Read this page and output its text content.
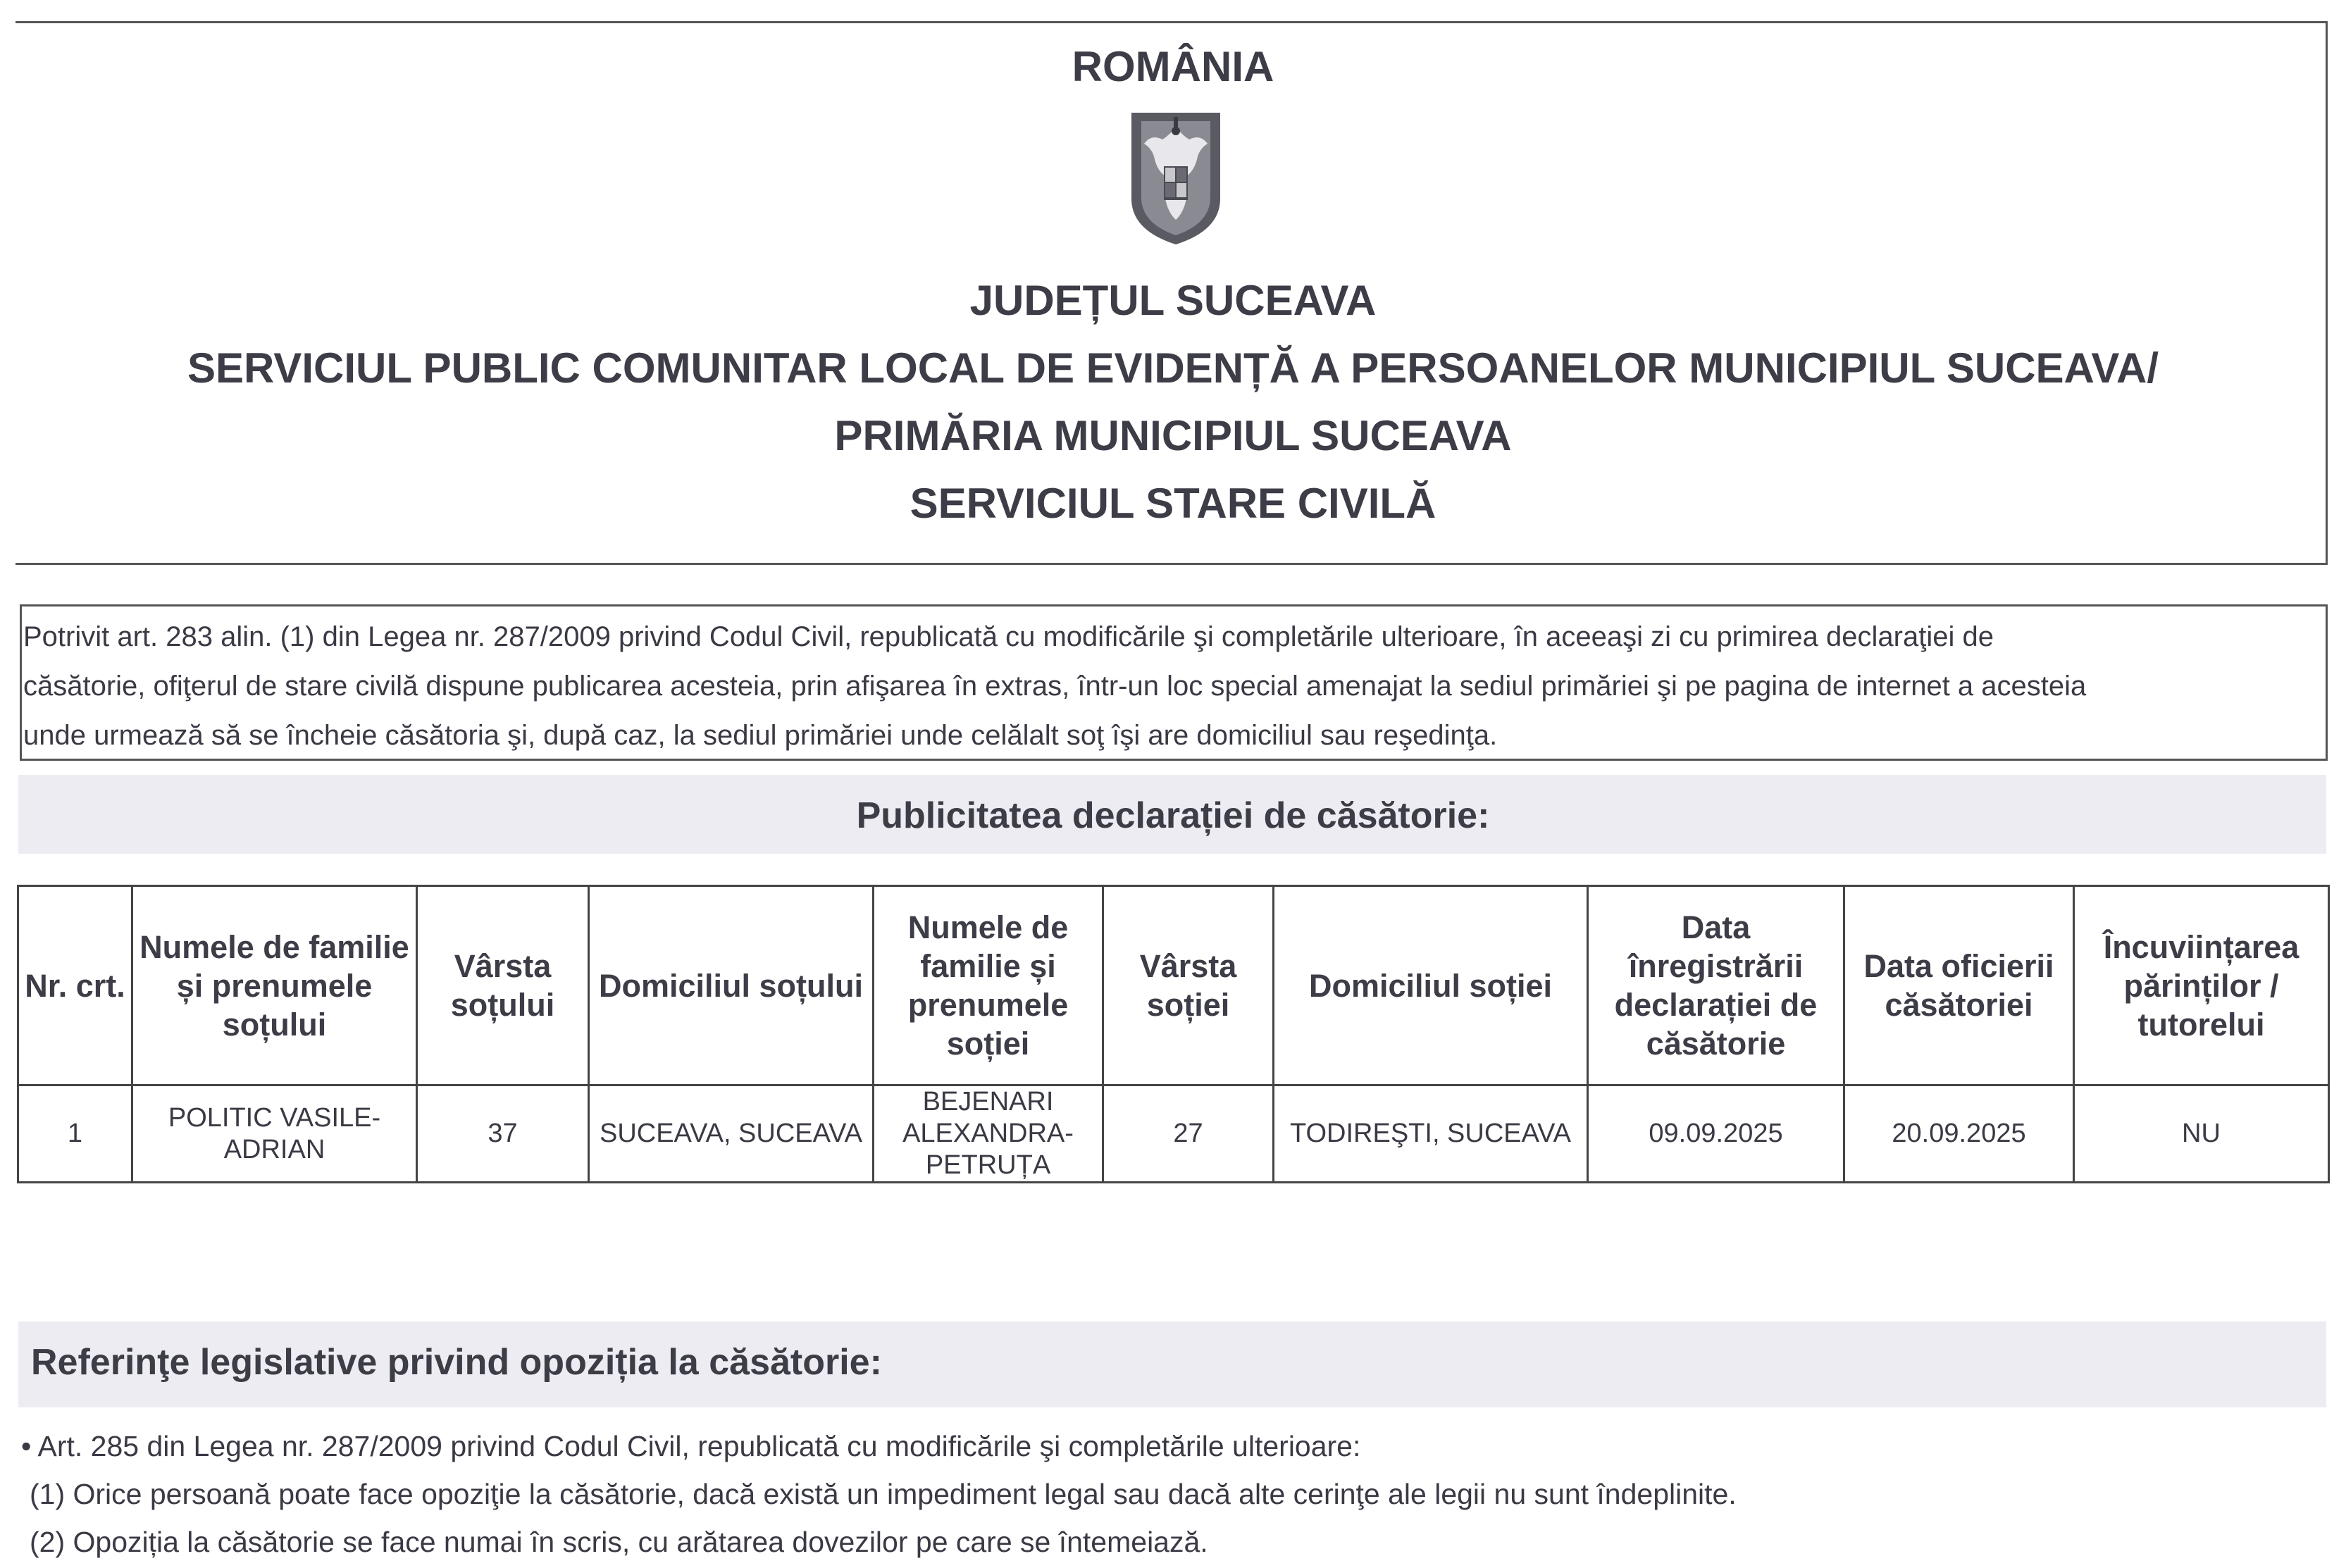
ROMÂNIA
JUDEȚUL SUCEAVA
SERVICIUL PUBLIC COMUNITAR LOCAL DE EVIDENȚĂ A PERSOANELOR MUNICIPIUL SUCEAVA/
PRIMĂRIA MUNICIPIUL SUCEAVA
SERVICIUL STARE CIVILĂ
Potrivit art. 283 alin. (1) din Legea nr. 287/2009 privind Codul Civil, republicată cu modificările şi completările ulterioare, în aceeaşi zi cu primirea declaraţiei de
căsătorie, ofiţerul de stare civilă dispune publicarea acesteia, prin afişarea în extras, într-un loc special amenajat la sediul primăriei şi pe pagina de internet a acesteia
unde urmează să se încheie căsătoria şi, după caz, la sediul primăriei unde celălalt soţ îşi are domiciliul sau reşedinţa.
Publicitatea declarației de căsătorie:
Nr. crt.	Numele de familie și prenumele soțului	Vârsta soțului	Domiciliul soțului	Numele de familie și prenumele soției	Vârsta soției	Domiciliul soției	Data înregistrării declarației de căsătorie	Data oficierii căsătoriei	Încuviințarea părinților / tutorelui
1	POLITIC VASILE-ADRIAN	37	SUCEAVA, SUCEAVA	BEJENARI ALEXANDRA-PETRUȚA	27	TODIREŞTI, SUCEAVA	09.09.2025	20.09.2025	NU
Referinţe legislative privind opoziția la căsătorie:
• Art. 285 din Legea nr. 287/2009 privind Codul Civil, republicată cu modificările şi completările ulterioare:
(1) Orice persoană poate face opoziţie la căsătorie, dacă există un impediment legal sau dacă alte cerinţe ale legii nu sunt îndeplinite.
(2) Opoziția la căsătorie se face numai în scris, cu arătarea dovezilor pe care se întemeiază.
